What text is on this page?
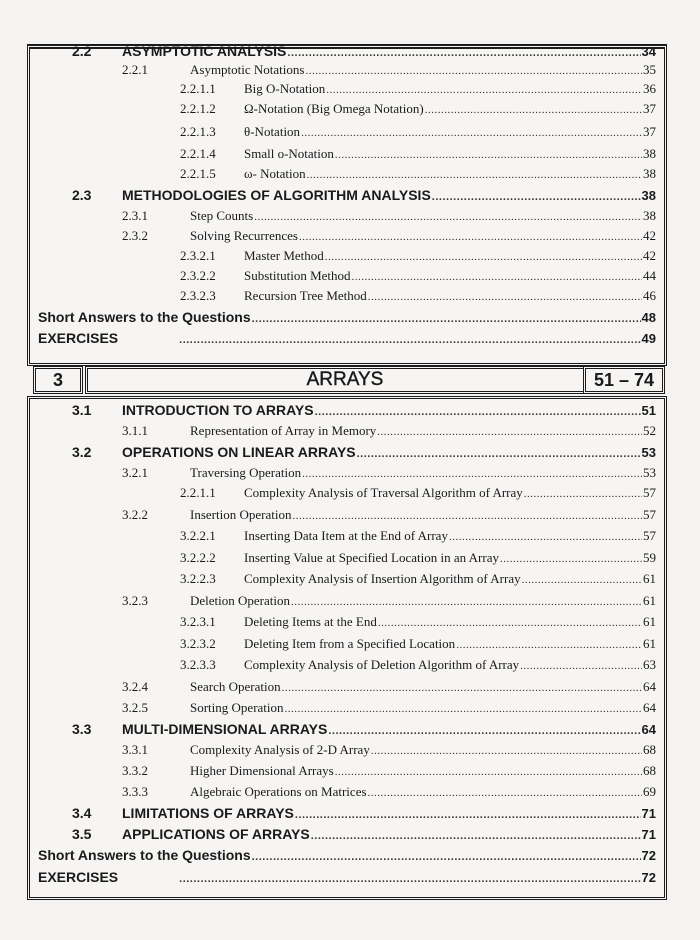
2.2	ASYMPTOTIC ANALYSIS .....	34
2.2.1	Asymptotic Notations .....	35
2.2.1.1	Big O-Notation .....	36
2.2.1.2	Ω-Notation (Big Omega Notation) .....	37
2.2.1.3	θ-Notation .....	37
2.2.1.4	Small o-Notation .....	38
2.2.1.5	ω- Notation .....	38
2.3	METHODOLOGIES OF ALGORITHM ANALYSIS .....	38
2.3.1	Step Counts .....	38
2.3.2	Solving Recurrences .....	42
2.3.2.1	Master Method .....	42
2.3.2.2	Substitution Method .....	44
2.3.2.3	Recursion Tree Method .....	46
Short Answers to the Questions .....	48
EXERCISES .....	49
3	ARRAYS	51 – 74
3.1	INTRODUCTION TO ARRAYS .....	51
3.1.1	Representation of Array in Memory .....	52
3.2	OPERATIONS ON LINEAR ARRAYS .....	53
3.2.1	Traversing Operation .....	53
2.2.1.1	Complexity Analysis of Traversal Algorithm of Array .....	57
3.2.2	Insertion Operation .....	57
3.2.2.1	Inserting Data Item at the End of Array .....	57
3.2.2.2	Inserting Value at Specified Location in an Array .....	59
3.2.2.3	Complexity Analysis of Insertion Algorithm of Array .....	61
3.2.3	Deletion Operation .....	61
3.2.3.1	Deleting Items at the End .....	61
3.2.3.2	Deleting Item from a Specified Location .....	61
3.2.3.3	Complexity Analysis of Deletion Algorithm of Array .....	63
3.2.4	Search Operation .....	64
3.2.5	Sorting Operation .....	64
3.3	MULTI-DIMENSIONAL ARRAYS .....	64
3.3.1	Complexity Analysis of 2-D Array .....	68
3.3.2	Higher Dimensional Arrays .....	68
3.3.3	Algebraic Operations on Matrices .....	69
3.4	LIMITATIONS OF ARRAYS .....	71
3.5	APPLICATIONS OF ARRAYS .....	71
Short Answers to the Questions .....	72
EXERCISES .....	72
